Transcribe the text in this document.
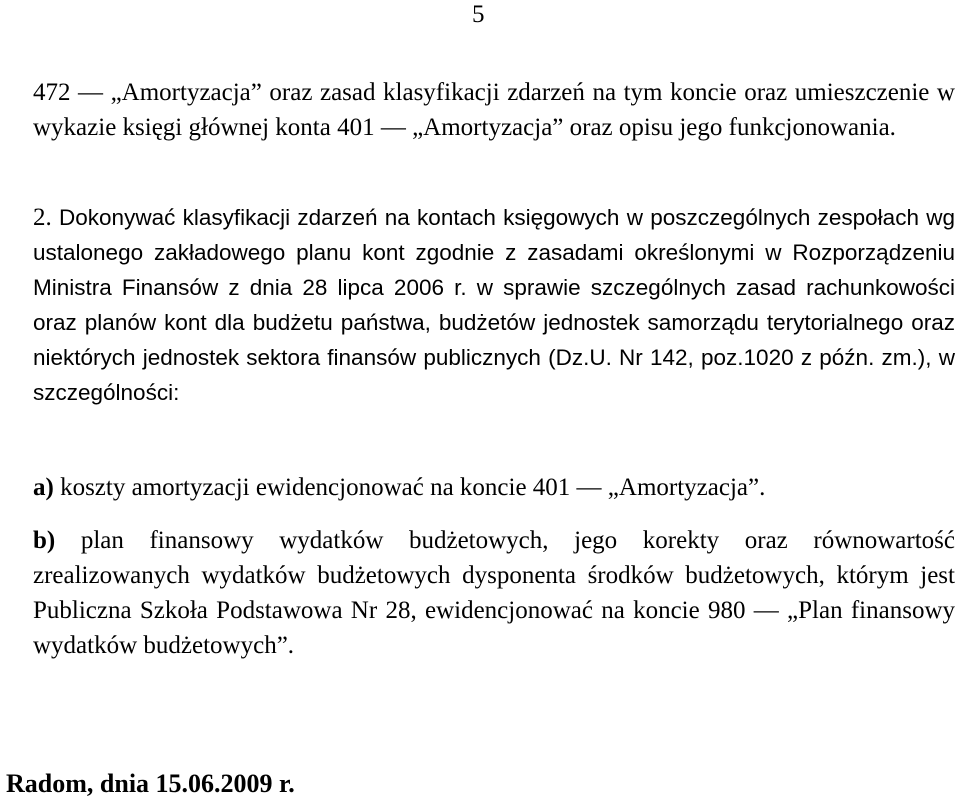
5

472 — „Amortyzacja” oraz zasad klasyfikacji zdarzeń na tym koncie oraz umieszczenie w wykazie księgi głównej konta 401 — „Amortyzacja” oraz opisu jego funkcjonowania.

2. Dokonywać klasyfikacji zdarzeń na kontach księgowych w poszczególnych zespołach wg ustalonego zakładowego planu kont zgodnie z zasadami określonymi w Rozporządzeniu Ministra Finansów z dnia 28 lipca 2006 r. w sprawie szczególnych zasad rachunkowości oraz planów kont dla budżetu państwa, budżetów jednostek samorządu terytorialnego oraz niektórych jednostek sektora finansów publicznych (Dz.U. Nr 142, poz.1020 z późn. zm.), w szczególności:

a) koszty amortyzacji ewidencjonować na koncie 401 — „Amortyzacja”.

b) plan finansowy wydatków budżetowych, jego korekty oraz równowartość zrealizowanych wydatków budżetowych dysponenta środków budżetowych, którym jest Publiczna Szkoła Podstawowa Nr 28, ewidencjonować na koncie 980 — „Plan finansowy wydatków budżetowych”.

Radom, dnia 15.06.2009 r.
